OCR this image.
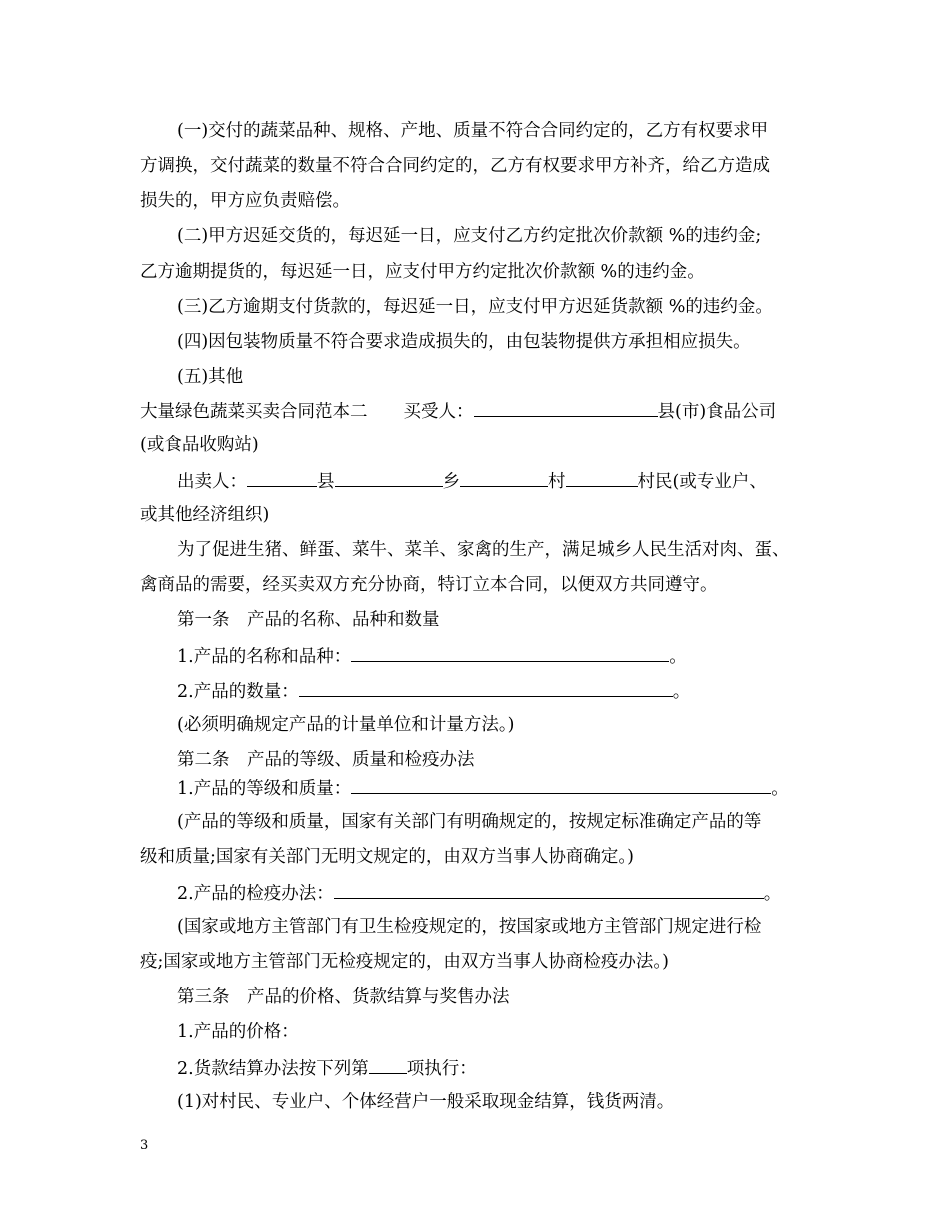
(一)交付的蔬菜品种、规格、产地、质量不符合合同约定的，乙方有权要求甲
方调换，交付蔬菜的数量不符合合同约定的，乙方有权要求甲方补齐，给乙方造成
损失的，甲方应负责赔偿。
(二)甲方迟延交货的，每迟延一日，应支付乙方约定批次价款额 %的违约金;
乙方逾期提货的，每迟延一日，应支付甲方约定批次价款额 %的违约金。
(三)乙方逾期支付货款的，每迟延一日，应支付甲方迟延货款额 %的违约金。
(四)因包装物质量不符合要求造成损失的，由包装物提供方承担相应损失。
(五)其他
大量绿色蔬菜买卖合同范本二 买受人：	县(市)食品公司
(或食品收购站)
出卖人：	县	乡	村	村民(或专业户、
或其他经济组织)
为了促进生猪、鲜蛋、菜牛、菜羊、家禽的生产，满足城乡人民生活对肉、蛋、
禽商品的需要，经买卖双方充分协商，特订立本合同，以便双方共同遵守。
第一条　产品的名称、品种和数量
1.产品的名称和品种：	。
2.产品的数量：	。
(必须明确规定产品的计量单位和计量方法。)
第二条　产品的等级、质量和检疫办法
1.产品的等级和质量：	。
(产品的等级和质量，国家有关部门有明确规定的，按规定标准确定产品的等
级和质量;国家有关部门无明文规定的，由双方当事人协商确定。)
2.产品的检疫办法：	。
(国家或地方主管部门有卫生检疫规定的，按国家或地方主管部门规定进行检
疫;国家或地方主管部门无检疫规定的，由双方当事人协商检疫办法。)
第三条　产品的价格、货款结算与奖售办法
1.产品的价格：
2.货款结算办法按下列第 项执行：
(1)对村民、专业户、个体经营户一般采取现金结算，钱货两清。
3
